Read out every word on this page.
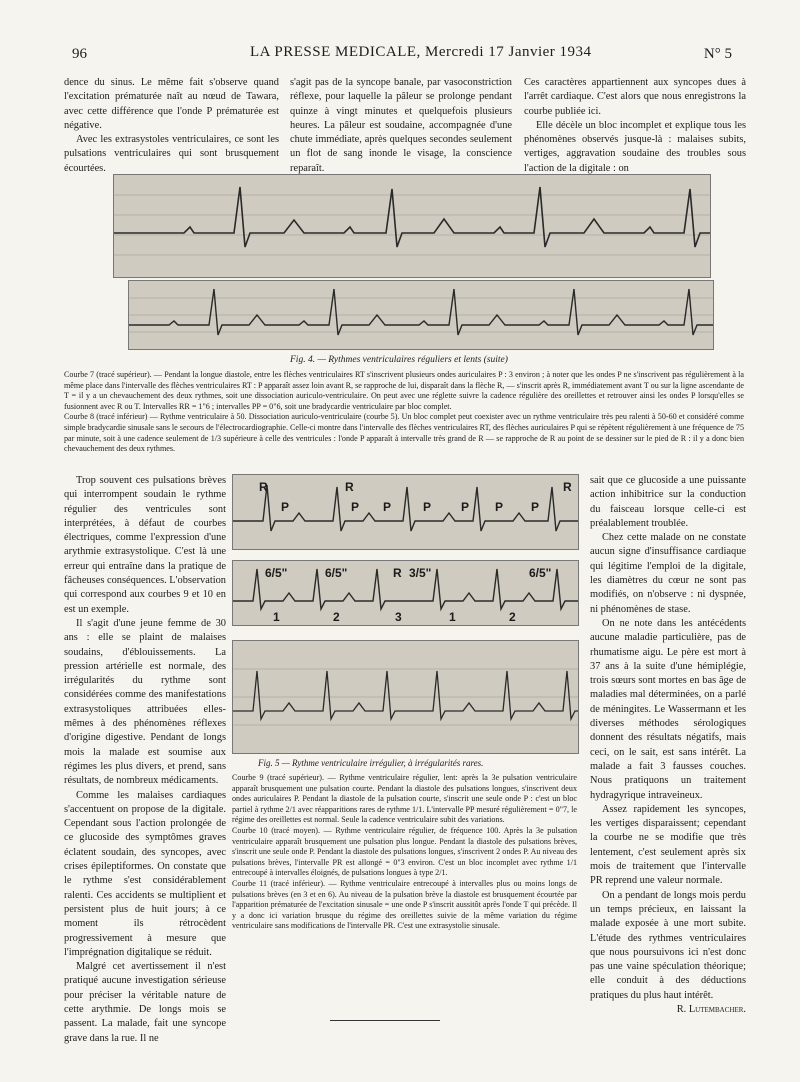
96	LA PRESSE MEDICALE, Mercredi 17 Janvier 1934	N° 5

dence du sinus. Le même fait s'observe quand l'excitation prématurée naît au nœud de Tawara, avec cette différence que l'onde P prématurée est négative.

Avec les extrasystoles ventriculaires, ce sont les pulsations ventriculaires qui sont brusquement écourtées.

s'agit pas de la syncope banale, par vasoconstriction réflexe, pour laquelle la pâleur se prolonge pendant quinze à vingt minutes et quelquefois plusieurs heures. La pâleur est soudaine, accompagnée d'une chute immédiate, après quelques secondes seulement un flot de sang inonde le visage, la conscience reparaît.

Ces caractères appartiennent aux syncopes dues à l'arrêt cardiaque. C'est alors que nous enregistrons la courbe publiée ici.

Elle décèle un bloc incomplet et explique tous les phénomènes observés jusque-là : malaises subits, vertiges, aggravation soudaine des troubles sous l'action de la digitale : on

Fig. 4. — Rythmes ventriculaires réguliers et lents (suite)

Courbe 7 (tracé supérieur). — Pendant la longue diastole, entre les flèches ventriculaires RT s'inscrivent plusieurs ondes auriculaires P : 3 environ ; à noter que les ondes P ne s'inscrivent pas régulièrement à la même place dans l'intervalle des flèches ventriculaires RT : P apparaît assez loin avant R, se rapproche de lui, disparaît dans la flèche R, — s'inscrit après R, immédiatement avant T ou sur la ligne ascendante de T = il y a un chevauchement des deux rythmes, soit une dissociation auriculo-ventriculaire. On peut avec une réglette suivre la cadence régulière des oreillettes et retrouver ainsi les ondes P lorsqu'elles se fusionnent avec R ou T. Intervalles RR = 1"6 ; intervalles PP = 0"6, soit une bradycardie ventriculaire par bloc complet.

Courbe 8 (tracé inférieur) — Rythme ventriculaire à 50. Dissociation auriculo-ventriculaire (courbe 5). Un bloc complet peut coexister avec un rythme ventriculaire très peu ralenti à 50-60 et considéré comme simple bradycardie sinusale sans le secours de l'électrocardiographie. Celle-ci montre dans l'intervalle des flèches ventriculaires RT, des flèches auriculaires P qui se répètent régulièrement à une fréquence de 75 par minute, soit à une cadence seulement de 1/3 supérieure à celle des ventricules : l'onde P apparaît à intervalle très grand de R — se rapproche de R au point de se dessiner sur le pied de R : il y a donc bien chevauchement des deux rythmes.

Trop souvent ces pulsations brèves qui interrompent soudain le rythme régulier des ventricules sont interprétées, à défaut de courbes électriques, comme l'expression d'une arythmie extrasystolique. C'est là une erreur qui entraîne dans la pratique de fâcheuses conséquences. L'observation qui correspond aux courbes 9 et 10 en est un exemple.

Il s'agit d'une jeune femme de 30 ans : elle se plaint de malaises soudains, d'éblouissements. La pression artérielle est normale, des irrégularités du rythme sont considérées comme des manifestations extrasystoliques attribuées elles-mêmes à des phénomènes réflexes d'origine digestive. Pendant de longs mois la malade est soumise aux régimes les plus divers, et prend, sans résultats, de nombreux médicaments.

Comme les malaises cardiaques s'accentuent on propose de la digitale. Cependant sous l'action prolongée de ce glucoside des symptômes graves éclatent soudain, des syncopes, avec crises épileptiformes. On constate que le rythme s'est considérablement ralenti. Ces accidents se multiplient et persistent plus de huit jours; à ce moment ils rétrocèdent progressivement à mesure que l'imprégnation digitalique se réduit.

Malgré cet avertissement il n'est pratiqué aucune investigation sérieuse pour préciser la véritable nature de cette arythmie. De longs mois se passent. La malade, fait une syncope grave dans la rue. Il ne

R
P
R
P P	P P P P
R
6/5"	6/5"	R 3/5"	6/5"
1	2	3	1	2
Fig. 5 — Rythme ventriculaire irrégulier, à irrégularités rares.

Courbe 9 (tracé supérieur). — Rythme ventriculaire régulier, lent: après la 3e pulsation ventriculaire apparaît brusquement une pulsation courte. Pendant la diastole des pulsations longues, s'inscrivent deux ondes auriculaires P. Pendant la diastole de la pulsation courte, s'inscrit une seule onde P : c'est un bloc partiel à rythme 2/1 avec réapparitions rares de rythme 1/1. L'intervalle PP mesuré régulièrement = 0"7, le régime des oreillettes est normal. Seule la cadence ventriculaire subit des variations.

Courbe 10 (tracé moyen). — Rythme ventriculaire régulier, de fréquence 100. Après la 3e pulsation ventriculaire apparaît brusquement une pulsation plus longue. Pendant la diastole des pulsations brèves, s'inscrit une seule onde P. Pendant la diastole des pulsations longues, s'inscrivent 2 ondes P. Au niveau des pulsations brèves, l'intervalle PR est allongé = 0"3 environ. C'est un bloc incomplet avec rythme 1/1 entrecoupé à intervalles éloignés, de pulsations longues à type 2/1.

Courbe 11 (tracé inférieur). — Rythme ventriculaire entrecoupé à intervalles plus ou moins longs de pulsations brèves (en 3 et en 6). Au niveau de la pulsation brève la diastole est brusquement écourtée par l'apparition prématurée de l'excitation sinusale = une onde P s'inscrit aussitôt après l'onde T qui précède. Il y a donc ici variation brusque du régime des oreillettes suivie de la même variation du régime ventriculaire sans modifications de l'intervalle PR. C'est une extrasystolie sinusale.

sait que ce glucoside a une puissante action inhibitrice sur la conduction du faisceau lorsque celle-ci est préalablement troublée.

Chez cette malade on ne constate aucun signe d'insuffisance cardiaque qui légitime l'emploi de la digitale, les diamètres du cœur ne sont pas modifiés, on n'observe : ni dyspnée, ni phénomènes de stase.

On ne note dans les antécédents aucune maladie particulière, pas de rhumatisme aigu. Le père est mort à 37 ans à la suite d'une hémiplégie, trois sœurs sont mortes en bas âge de maladies mal déterminées, on a parlé de méningites. Le Wassermann et les diverses méthodes sérologiques donnent des résultats négatifs, mais ceci, on le sait, est sans intérêt. La malade a fait 3 fausses couches. Nous pratiquons un traitement hydragyrique intraveineux.

Assez rapidement les syncopes, les vertiges disparaissent; cependant la courbe ne se modifie que très lentement, c'est seulement après six mois de traitement que l'intervalle PR reprend une valeur normale.

On a pendant de longs mois perdu un temps précieux, en laissant la malade exposée à une mort subite. L'étude des rythmes ventriculaires que nous poursuivons ici n'est donc pas une vaine spéculation théorique; elle conduit à des déductions pratiques du plus haut intérêt.

R. Lutembacher.
